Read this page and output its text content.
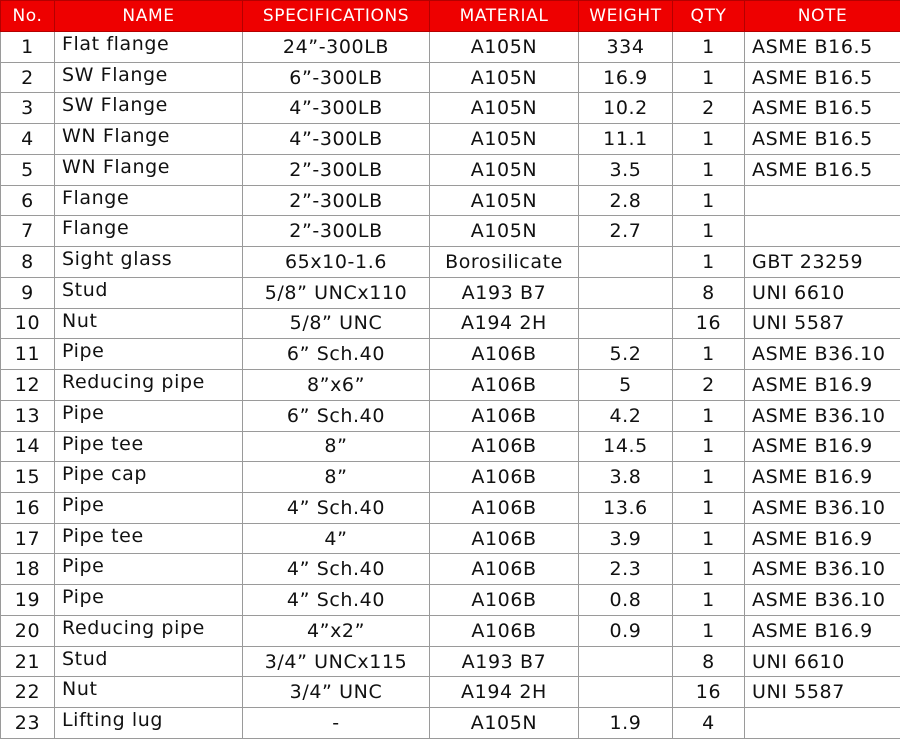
No.	NAME	SPECIFICATIONS	MATERIAL	WEIGHT	QTY	NOTE
1	Flat flange	24”-300LB	A105N	334	1	ASME B16.5
2	SW Flange	6”-300LB	A105N	16.9	1	ASME B16.5
3	SW Flange	4”-300LB	A105N	10.2	2	ASME B16.5
4	WN Flange	4”-300LB	A105N	11.1	1	ASME B16.5
5	WN Flange	2”-300LB	A105N	3.5	1	ASME B16.5
6	Flange	2”-300LB	A105N	2.8	1	
7	Flange	2”-300LB	A105N	2.7	1	
8	Sight glass	65x10-1.6	Borosilicate		1	GBT 23259
9	Stud	5/8” UNCx110	A193 B7		8	UNI 6610
10	Nut	5/8” UNC	A194 2H		16	UNI 5587
11	Pipe	6” Sch.40	A106B	5.2	1	ASME B36.10
12	Reducing pipe	8”x6”	A106B	5	2	ASME B16.9
13	Pipe	6” Sch.40	A106B	4.2	1	ASME B36.10
14	Pipe tee	8”	A106B	14.5	1	ASME B16.9
15	Pipe cap	8”	A106B	3.8	1	ASME B16.9
16	Pipe	4” Sch.40	A106B	13.6	1	ASME B36.10
17	Pipe tee	4”	A106B	3.9	1	ASME B16.9
18	Pipe	4” Sch.40	A106B	2.3	1	ASME B36.10
19	Pipe	4” Sch.40	A106B	0.8	1	ASME B36.10
20	Reducing pipe	4”x2”	A106B	0.9	1	ASME B16.9
21	Stud	3/4” UNCx115	A193 B7		8	UNI 6610
22	Nut	3/4” UNC	A194 2H		16	UNI 5587
23	Lifting lug	-	A105N	1.9	4	
